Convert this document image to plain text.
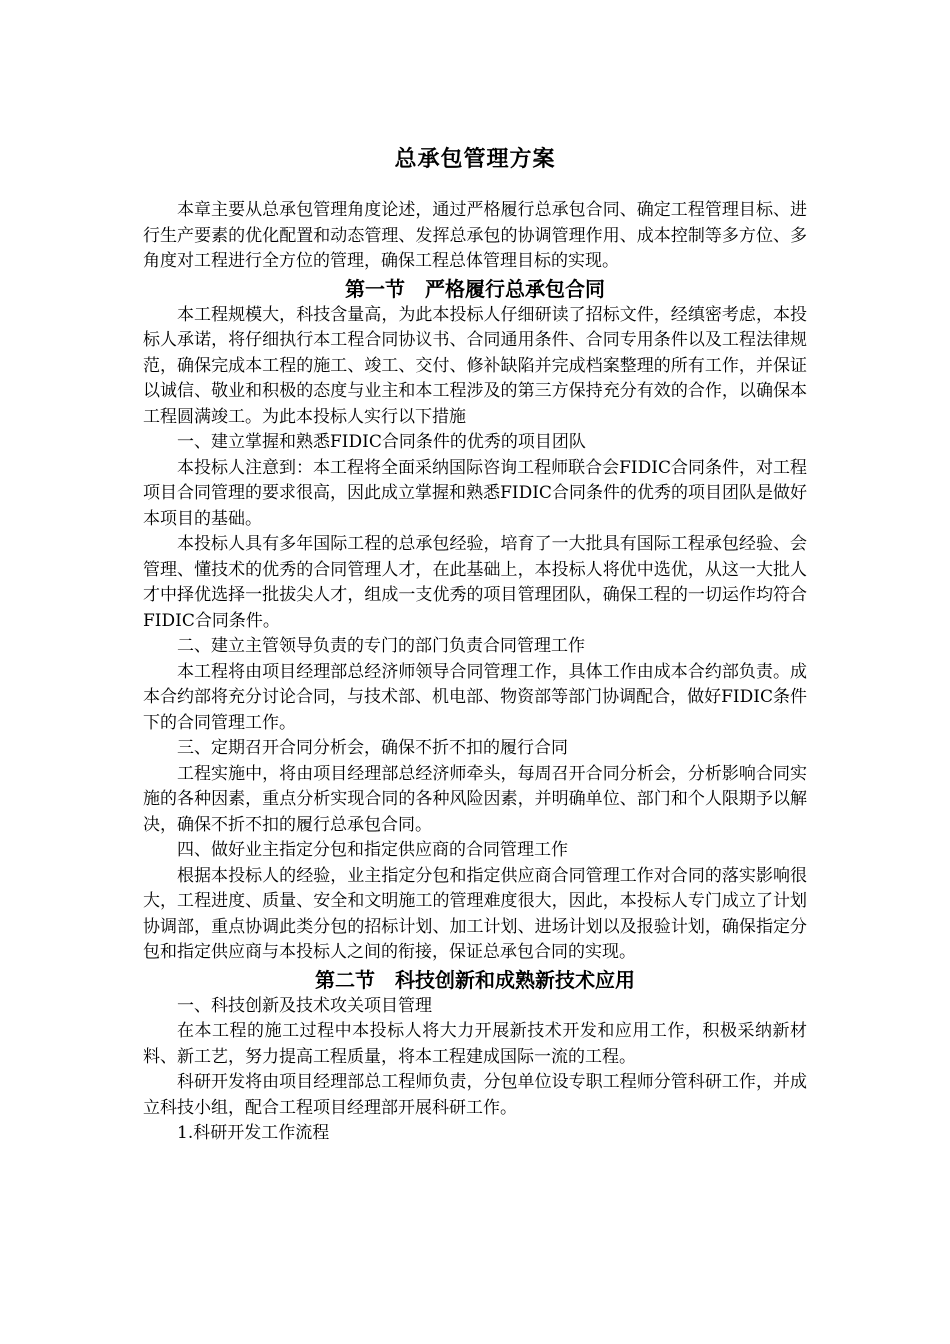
总承包管理方案

本章主要从总承包管理角度论述，通过严格履行总承包合同、确定工程管理目标、进行生产要素的优化配置和动态管理、发挥总承包的协调管理作用、成本控制等多方位、多角度对工程进行全方位的管理，确保工程总体管理目标的实现。

第一节 严格履行总承包合同

本工程规模大，科技含量高，为此本投标人仔细研读了招标文件，经缜密考虑，本投标人承诺，将仔细执行本工程合同协议书、合同通用条件、合同专用条件以及工程法律规范，确保完成本工程的施工、竣工、交付、修补缺陷并完成档案整理的所有工作，并保证以诚信、敬业和积极的态度与业主和本工程涉及的第三方保持充分有效的合作，以确保本工程圆满竣工。为此本投标人实行以下措施

一、建立掌握和熟悉FIDIC合同条件的优秀的项目团队

本投标人注意到：本工程将全面采纳国际咨询工程师联合会FIDIC合同条件，对工程项目合同管理的要求很高，因此成立掌握和熟悉FIDIC合同条件的优秀的项目团队是做好本项目的基础。

本投标人具有多年国际工程的总承包经验，培育了一大批具有国际工程承包经验、会管理、懂技术的优秀的合同管理人才，在此基础上，本投标人将优中选优，从这一大批人才中择优选择一批拔尖人才，组成一支优秀的项目管理团队，确保工程的一切运作均符合FIDIC合同条件。

二、建立主管领导负责的专门的部门负责合同管理工作

本工程将由项目经理部总经济师领导合同管理工作，具体工作由成本合约部负责。成本合约部将充分讨论合同，与技术部、机电部、物资部等部门协调配合，做好FIDIC条件下的合同管理工作。

三、定期召开合同分析会，确保不折不扣的履行合同

工程实施中，将由项目经理部总经济师牵头，每周召开合同分析会，分析影响合同实施的各种因素，重点分析实现合同的各种风险因素，并明确单位、部门和个人限期予以解决，确保不折不扣的履行总承包合同。

四、做好业主指定分包和指定供应商的合同管理工作

根据本投标人的经验，业主指定分包和指定供应商合同管理工作对合同的落实影响很大，工程进度、质量、安全和文明施工的管理难度很大，因此，本投标人专门成立了计划协调部，重点协调此类分包的招标计划、加工计划、进场计划以及报验计划，确保指定分包和指定供应商与本投标人之间的衔接，保证总承包合同的实现。

第二节 科技创新和成熟新技术应用

一、科技创新及技术攻关项目管理

在本工程的施工过程中本投标人将大力开展新技术开发和应用工作，积极采纳新材料、新工艺，努力提高工程质量，将本工程建成国际一流的工程。

科研开发将由项目经理部总工程师负责，分包单位设专职工程师分管科研工作，并成立科技小组，配合工程项目经理部开展科研工作。

1.科研开发工作流程
